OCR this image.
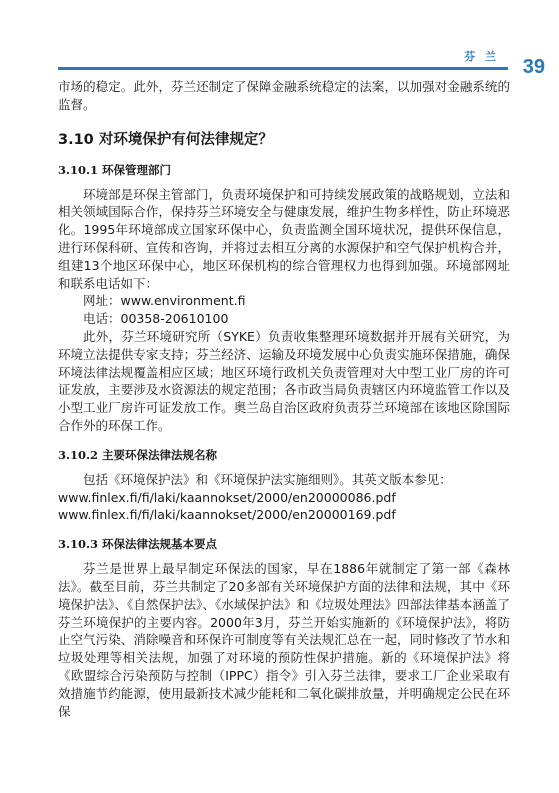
芬 兰 39

市场的稳定。此外，芬兰还制定了保障金融系统稳定的法案，以加强对金融系统的监督。

3.10 对环境保护有何法律规定？
3.10.1 环保管理部门

环境部是环保主管部门，负责环境保护和可持续发展政策的战略规划，立法和相关领域国际合作，保持芬兰环境安全与健康发展，维护生物多样性，防止环境恶化。1995年环境部成立国家环保中心，负责监测全国环境状况，提供环保信息，进行环保科研、宣传和咨询，并将过去相互分离的水源保护和空气保护机构合并，组建13个地区环保中心，地区环保机构的综合管理权力也得到加强。环境部网址和联系电话如下：

网址：www.environment.fi

电话：00358-20610100

此外，芬兰环境研究所（SYKE）负责收集整理环境数据并开展有关研究，为环境立法提供专家支持；芬兰经济、运输及环境发展中心负责实施环保措施，确保环境法律法规覆盖相应区域；地区环境行政机关负责管理对大中型工业厂房的许可证发放，主要涉及水资源法的规定范围；各市政当局负责辖区内环境监管工作以及小型工业厂房许可证发放工作。奥兰岛自治区政府负责芬兰环境部在该地区除国际合作外的环保工作。

3.10.2 主要环保法律法规名称

包括《环境保护法》和《环境保护法实施细则》。其英文版本参见：

www.finlex.fi/fi/laki/kaannokset/2000/en20000086.pdf

www.finlex.fi/fi/laki/kaannokset/2000/en20000169.pdf

3.10.3 环保法律法规基本要点

芬兰是世界上最早制定环保法的国家，早在1886年就制定了第一部《森林法》。截至目前，芬兰共制定了20多部有关环境保护方面的法律和法规，其中《环境保护法》、《自然保护法》、《水域保护法》和《垃圾处理法》四部法律基本涵盖了芬兰环境保护的主要内容。2000年3月，芬兰开始实施新的《环境保护法》，将防止空气污染、消除噪音和环保许可制度等有关法规汇总在一起，同时修改了节水和垃圾处理等相关法规，加强了对环境的预防性保护措施。新的《环境保护法》将《欧盟综合污染预防与控制（IPPC）指令》引入芬兰法律，要求工厂企业采取有效措施节约能源，使用最新技术减少能耗和二氧化碳排放量，并明确规定公民在环保
